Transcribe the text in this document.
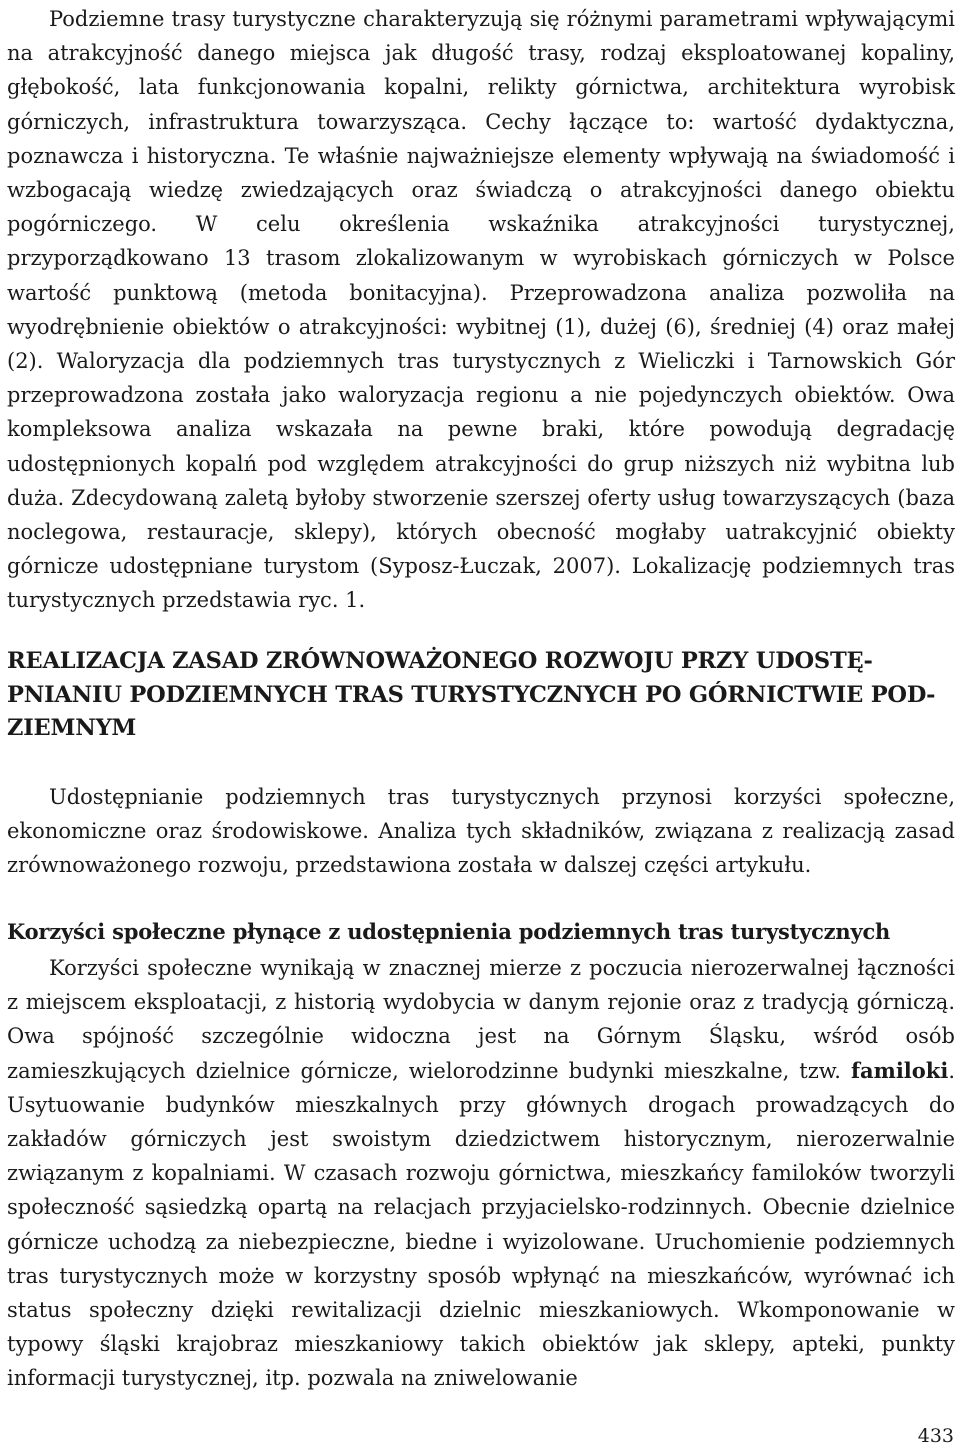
Podziemne trasy turystyczne charakteryzują się różnymi parametrami wpływającymi na atrakcyjność danego miejsca jak długość trasy, rodzaj eksploatowanej kopaliny, głębokość, lata funkcjonowania kopalni, relikty górnictwa, architektura wyrobisk górniczych, infrastruktura towarzysząca. Cechy łączące to: wartość dydaktyczna, poznawcza i historyczna. Te właśnie najważniejsze elementy wpływają na świadomość i wzbogacają wiedzę zwiedzających oraz świadczą o atrakcyjności danego obiektu pogórniczego. W celu określenia wskaźnika atrakcyjności turystycznej, przyporządkowano 13 trasom zlokalizowanym w wyrobiskach górniczych w Polsce wartość punktową (metoda bonitacyjna). Przeprowadzona analiza pozwoliła na wyodrębnienie obiektów o atrakcyjności: wybitnej (1), dużej (6), średniej (4) oraz małej (2). Waloryzacja dla podziemnych tras turystycznych z Wieliczki i Tarnowskich Gór przeprowadzona została jako waloryzacja regionu a nie pojedynczych obiektów. Owa kompleksowa analiza wskazała na pewne braki, które powodują degradację udostępnionych kopalń pod względem atrakcyjności do grup niższych niż wybitna lub duża. Zdecydowaną zaletą byłoby stworzenie szerszej oferty usług towarzyszących (baza noclegowa, restauracje, sklepy), których obecność mogłaby uatrakcyjnić obiekty górnicze udostępniane turystom (Syposz-Łuczak, 2007). Lokalizację podziemnych tras turystycznych przedstawia ryc. 1.

REALIZACJA ZASAD ZRÓWNOWAŻONEGO ROZWOJU PRZY UDOSTĘPNIANIU PODZIEMNYCH TRAS TURYSTYCZNYCH PO GÓRNICTWIE PODZIEMNYM

Udostępnianie podziemnych tras turystycznych przynosi korzyści społeczne, ekonomiczne oraz środowiskowe. Analiza tych składników, związana z realizacją zasad zrównoważonego rozwoju, przedstawiona została w dalszej części artykułu.

Korzyści społeczne płynące z udostępnienia podziemnych tras turystycznych

Korzyści społeczne wynikają w znacznej mierze z poczucia nierozerwalnej łączności z miejscem eksploatacji, z historią wydobycia w danym rejonie oraz z tradycją górniczą. Owa spójność szczególnie widoczna jest na Górnym Śląsku, wśród osób zamieszkujących dzielnice górnicze, wielorodzinne budynki mieszkalne, tzw. familoki. Usytuowanie budynków mieszkalnych przy głównych drogach prowadzących do zakładów górniczych jest swoistym dziedzictwem historycznym, nierozerwalnie związanym z kopalniami. W czasach rozwoju górnictwa, mieszkańcy familoków tworzyli społeczność sąsiedzką opartą na relacjach przyjacielsko-rodzinnych. Obecnie dzielnice górnicze uchodzą za niebezpieczne, biedne i wyizolowane. Uruchomienie podziemnych tras turystycznych może w korzystny sposób wpłynąć na mieszkańców, wyrównać ich status społeczny dzięki rewitalizacji dzielnic mieszkaniowych. Wkomponowanie w typowy śląski krajobraz mieszkaniowy takich obiektów jak sklepy, apteki, punkty informacji turystycznej, itp. pozwala na zniwelowanie

433
